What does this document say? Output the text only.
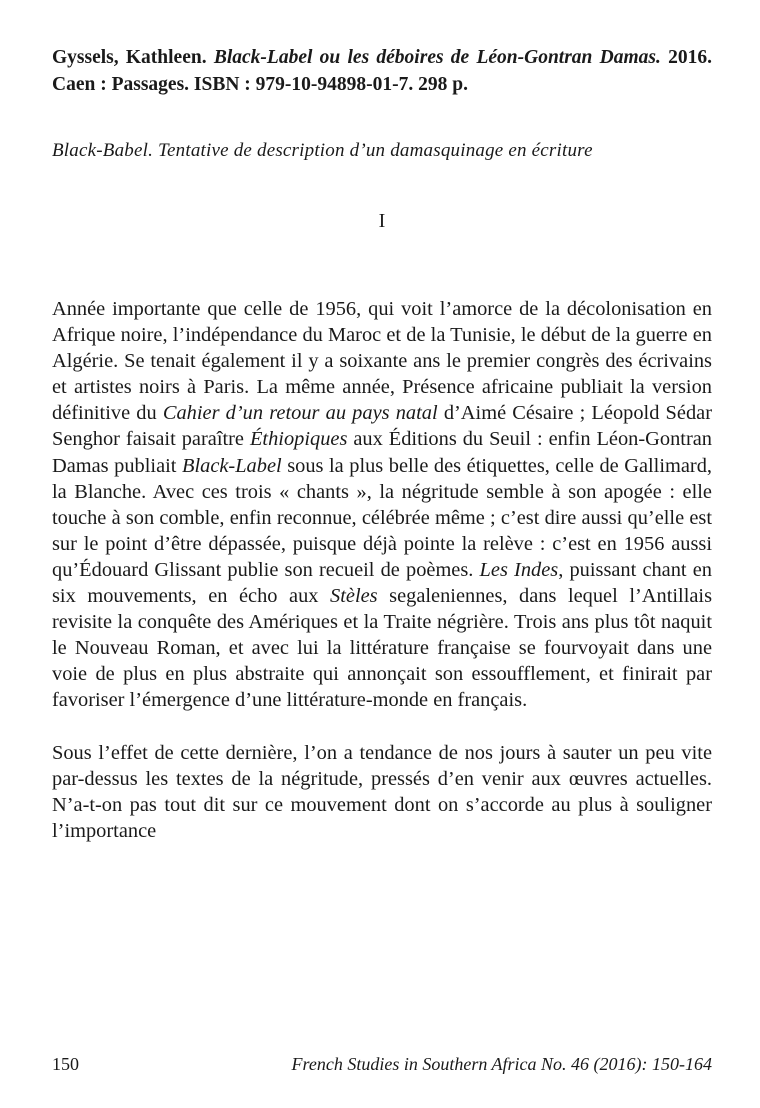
Gyssels, Kathleen. Black-Label ou les déboires de Léon-Gontran Damas. 2016. Caen : Passages. ISBN : 979-10-94898-01-7. 298 p.
Black-Babel. Tentative de description d’un damasquinage en écriture
I

Année importante que celle de 1956, qui voit l’amorce de la décolonisation en Afrique noire, l’indépendance du Maroc et de la Tunisie, le début de la guerre en Algérie. Se tenait également il y a soixante ans le premier congrès des écrivains et artistes noirs à Paris. La même année, Présence africaine publiait la version définitive du Cahier d’un retour au pays natal d’Aimé Césaire ; Léopold Sédar Senghor faisait paraître Éthiopiques aux Éditions du Seuil : enfin Léon-Gontran Damas publiait Black-Label sous la plus belle des étiquettes, celle de Gallimard, la Blanche. Avec ces trois « chants », la négritude semble à son apogée : elle touche à son comble, enfin reconnue, célébrée même ; c’est dire aussi qu’elle est sur le point d’être dépassée, puisque déjà pointe la relève : c’est en 1956 aussi qu’Édouard Glissant publie son recueil de poèmes. Les Indes, puissant chant en six mouvements, en écho aux Stèles segaleniennes, dans lequel l’Antillais revisite la conquête des Amériques et la Traite négrière. Trois ans plus tôt naquit le Nouveau Roman, et avec lui la littérature française se fourvoyait dans une voie de plus en plus abstraite qui annonçait son essoufflement, et finirait par favoriser l’émergence d’une littérature-monde en français.

Sous l’effet de cette dernière, l’on a tendance de nos jours à sauter un peu vite par-dessus les textes de la négritude, pressés d’en venir aux œuvres actuelles. N’a-t-on pas tout dit sur ce mouvement dont on s’accorde au plus à souligner l’importance

150	French Studies in Southern Africa No. 46 (2016): 150-164
